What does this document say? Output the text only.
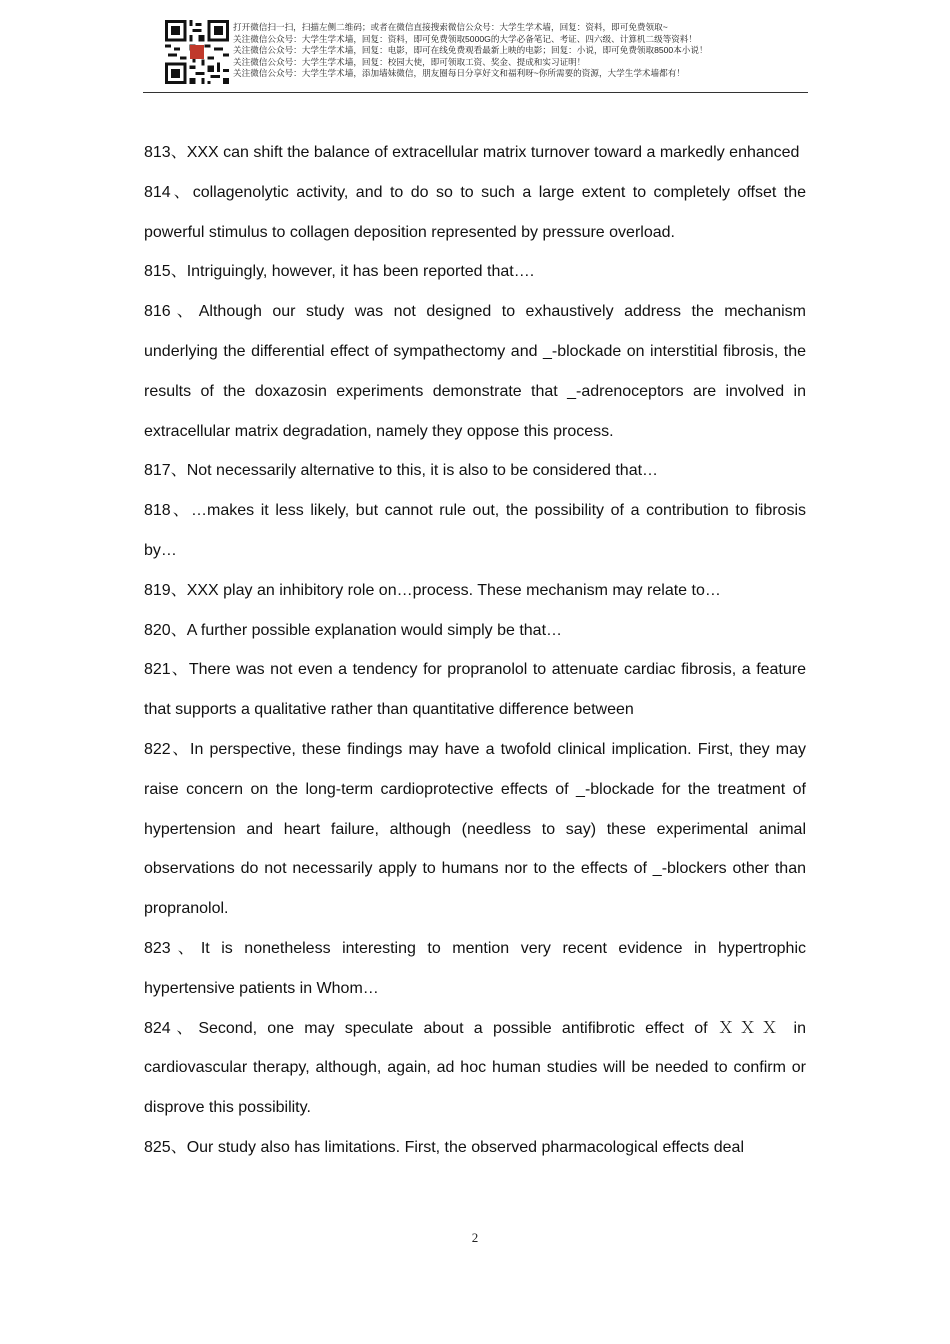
打开微信扫一扫，扫描左侧二维码；或者在微信直接搜索微信公众号：大学生学术墙，回复：资料，即可免费领取~
关注微信公众号：大学生学术墙，回复：资料，即可免费领取5000G的大学必备笔记、考证、四六级、计算机二级等资料！
关注微信公众号：大学生学术墙，回复：电影，即可在线免费观看最新上映的电影；回复：小说，即可免费领取8500本小说！
关注微信公众号：大学生学术墙，回复：校园大使，即可领取工资、奖金、提成和实习证明！
关注微信公众号：大学生学术墙，添加墙妹微信，朋友圈每日分享好文和福利呀~你所需要的资源，大学生学术墙都有！

813、XXX can shift the balance of extracellular matrix turnover toward a markedly enhanced

814、collagenolytic activity, and to do so to such a large extent to completely offset the powerful stimulus to collagen deposition represented by pressure overload.

815、Intriguingly, however, it has been reported that….

816、Although our study was not designed to exhaustively address the mechanism underlying the differential effect of sympathectomy and _-blockade on interstitial fibrosis, the results of the doxazosin experiments demonstrate that _-adrenoceptors are involved in extracellular matrix degradation, namely they oppose this process.

817、Not necessarily alternative to this, it is also to be considered that…

818、…makes it less likely, but cannot rule out, the possibility of a contribution to fibrosis by…

819、XXX play an inhibitory role on…process. These mechanism may relate to…

820、A further possible explanation would simply be that…

821、There was not even a tendency for propranolol to attenuate cardiac fibrosis, a feature that supports a qualitative rather than quantitative difference between

822、In perspective, these findings may have a twofold clinical implication. First, they may raise concern on the long-term cardioprotective effects of _-blockade for the treatment of hypertension and heart failure, although (needless to say) these experimental animal observations do not necessarily apply to humans nor to the effects of _-blockers other than propranolol.

823、It is nonetheless interesting to mention very recent evidence in hypertrophic hypertensive patients in Whom…

824、Second, one may speculate about a possible antifibrotic effect of ＸＸＸ in cardiovascular therapy, although, again, ad hoc human studies will be needed to confirm or disprove this possibility.

825、Our study also has limitations. First, the observed pharmacological effects deal

2
